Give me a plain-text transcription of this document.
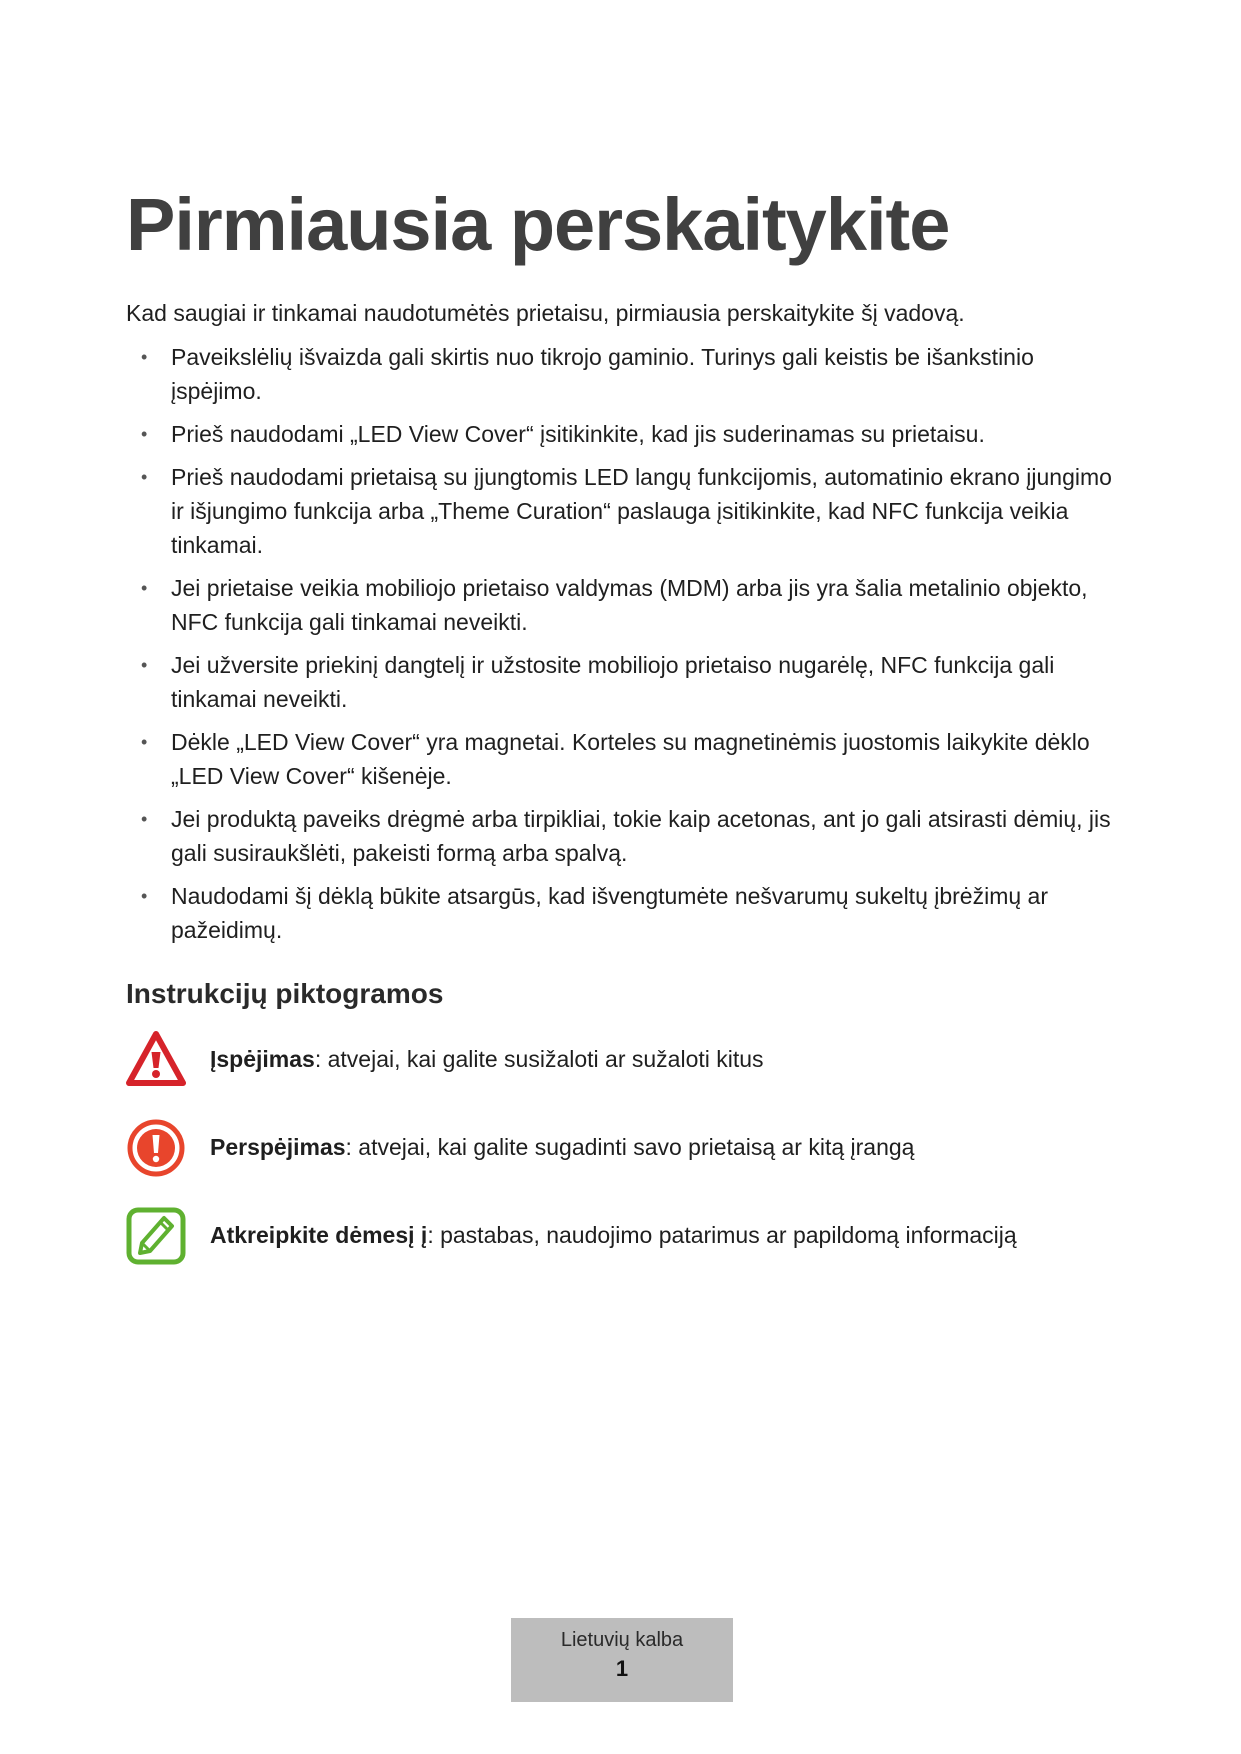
Pirmiausia perskaitykite
Kad saugiai ir tinkamai naudotumėtės prietaisu, pirmiausia perskaitykite šį vadovą.
• Paveikslėlių išvaizda gali skirtis nuo tikrojo gaminio. Turinys gali keistis be išankstinio įspėjimo.
• Prieš naudodami „LED View Cover“ įsitikinkite, kad jis suderinamas su prietaisu.
• Prieš naudodami prietaisą su įjungtomis LED langų funkcijomis, automatinio ekrano įjungimo ir išjungimo funkcija arba „Theme Curation“ paslauga įsitikinkite, kad NFC funkcija veikia tinkamai.
• Jei prietaise veikia mobiliojo prietaiso valdymas (MDM) arba jis yra šalia metalinio objekto, NFC funkcija gali tinkamai neveikti.
• Jei užversite priekinį dangtelį ir užstosite mobiliojo prietaiso nugarėlę, NFC funkcija gali tinkamai neveikti.
• Dėkle „LED View Cover“ yra magnetai. Korteles su magnetinėmis juostomis laikykite dėklo „LED View Cover“ kišenėje.
• Jei produktą paveiks drėgmė arba tirpikliai, tokie kaip acetonas, ant jo gali atsirasti dėmių, jis gali susiraukšlėti, pakeisti formą arba spalvą.
• Naudodami šį dėklą būkite atsargūs, kad išvengtumėte nešvarumų sukeltų įbrėžimų ar pažeidimų.
Instrukcijų piktogramos
Įspėjimas: atvejai, kai galite susižaloti ar sužaloti kitus
Perspėjimas: atvejai, kai galite sugadinti savo prietaisą ar kitą įrangą
Atkreipkite dėmesį į: pastabas, naudojimo patarimus ar papildomą informaciją
Lietuvių kalba
1
